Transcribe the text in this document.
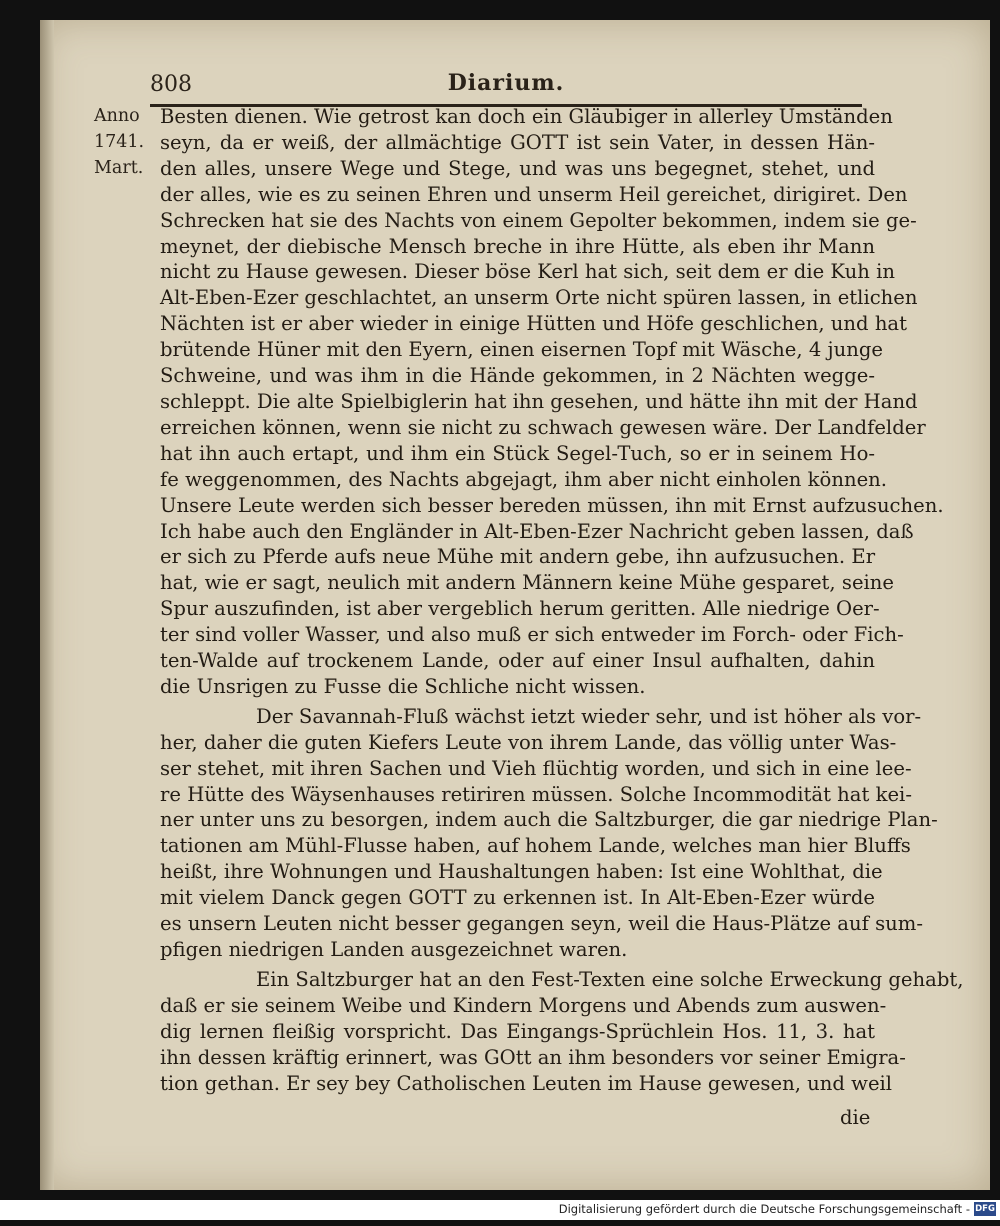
808	Diarium.
Anno
1741.
Mart.

Besten dienen. Wie getrost kan doch ein Gläubiger in allerley Umständen
seyn, da er weiß, der allmächtige GOTT ist sein Vater, in dessen Hän-
den alles, unsere Wege und Stege, und was uns begegnet, stehet, und
der alles, wie es zu seinen Ehren und unserm Heil gereichet, dirigiret. Den
Schrecken hat sie des Nachts von einem Gepolter bekommen, indem sie ge-
meynet, der diebische Mensch breche in ihre Hütte, als eben ihr Mann
nicht zu Hause gewesen. Dieser böse Kerl hat sich, seit dem er die Kuh in
Alt-Eben-Ezer geschlachtet, an unserm Orte nicht spüren lassen, in etlichen
Nächten ist er aber wieder in einige Hütten und Höfe geschlichen, und hat
brütende Hüner mit den Eyern, einen eisernen Topf mit Wäsche, 4 junge
Schweine, und was ihm in die Hände gekommen, in 2 Nächten wegge-
schleppt. Die alte Spielbiglerin hat ihn gesehen, und hätte ihn mit der Hand
erreichen können, wenn sie nicht zu schwach gewesen wäre. Der Landfelder
hat ihn auch ertapt, und ihm ein Stück Segel-Tuch, so er in seinem Ho-
fe weggenommen, des Nachts abgejagt, ihm aber nicht einholen können.
Unsere Leute werden sich besser bereden müssen, ihn mit Ernst aufzusuchen.
Ich habe auch den Engländer in Alt-Eben-Ezer Nachricht geben lassen, daß
er sich zu Pferde aufs neue Mühe mit andern gebe, ihn aufzusuchen. Er
hat, wie er sagt, neulich mit andern Männern keine Mühe gesparet, seine
Spur auszufinden, ist aber vergeblich herum geritten. Alle niedrige Oer-
ter sind voller Wasser, und also muß er sich entweder im Forch- oder Fich-
ten-Walde auf trockenem Lande, oder auf einer Insul aufhalten, dahin
die Unsrigen zu Fusse die Schliche nicht wissen.

Der Savannah-Fluß wächst ietzt wieder sehr, und ist höher als vor-
her, daher die guten Kiefers Leute von ihrem Lande, das völlig unter Was-
ser stehet, mit ihren Sachen und Vieh flüchtig worden, und sich in eine lee-
re Hütte des Wäysenhauses retiriren müssen. Solche Incommodität hat kei-
ner unter uns zu besorgen, indem auch die Saltzburger, die gar niedrige Plan-
tationen am Mühl-Flusse haben, auf hohem Lande, welches man hier Bluffs
heißt, ihre Wohnungen und Haushaltungen haben: Ist eine Wohlthat, die
mit vielem Danck gegen GOTT zu erkennen ist. In Alt-Eben-Ezer würde
es unsern Leuten nicht besser gegangen seyn, weil die Haus-Plätze auf sum-
pfigen niedrigen Landen ausgezeichnet waren.

Ein Saltzburger hat an den Fest-Texten eine solche Erweckung gehabt,
daß er sie seinem Weibe und Kindern Morgens und Abends zum auswen-
dig lernen fleißig vorspricht. Das Eingangs-Sprüchlein Hos. 11, 3. hat
ihn dessen kräftig erinnert, was GOtt an ihm besonders vor seiner Emigra-
tion gethan. Er sey bey Catholischen Leuten im Hause gewesen, und weil

die
Digitalisierung gefördert durch die Deutsche Forschungsgemeinschaft - DFG
